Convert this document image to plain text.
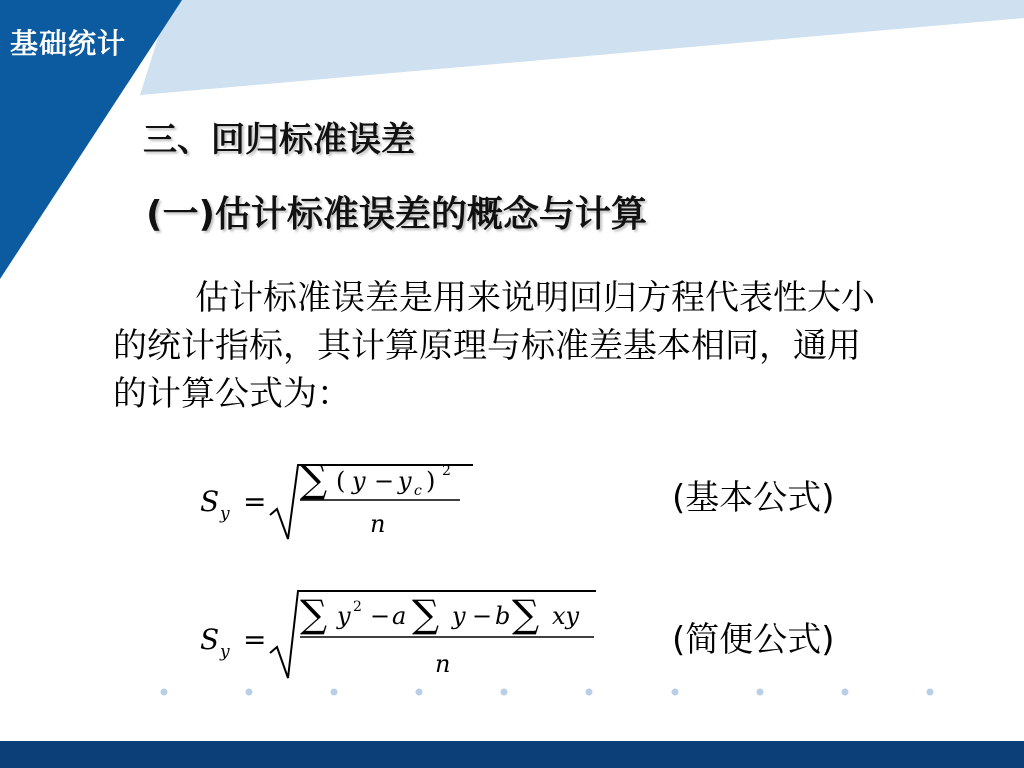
基础统计
三、回归标准误差
(一)估计标准误差的概念与计算
估计标准误差是用来说明回归方程代表性大小
的统计指标，其计算原理与标准差基本相同，通用
的计算公式为：
S y =
∑ ( y − y c ) 2
n
(基本公式)
S y =
∑ y 2 − a ∑ y − b ∑ xy
n
(简便公式)
